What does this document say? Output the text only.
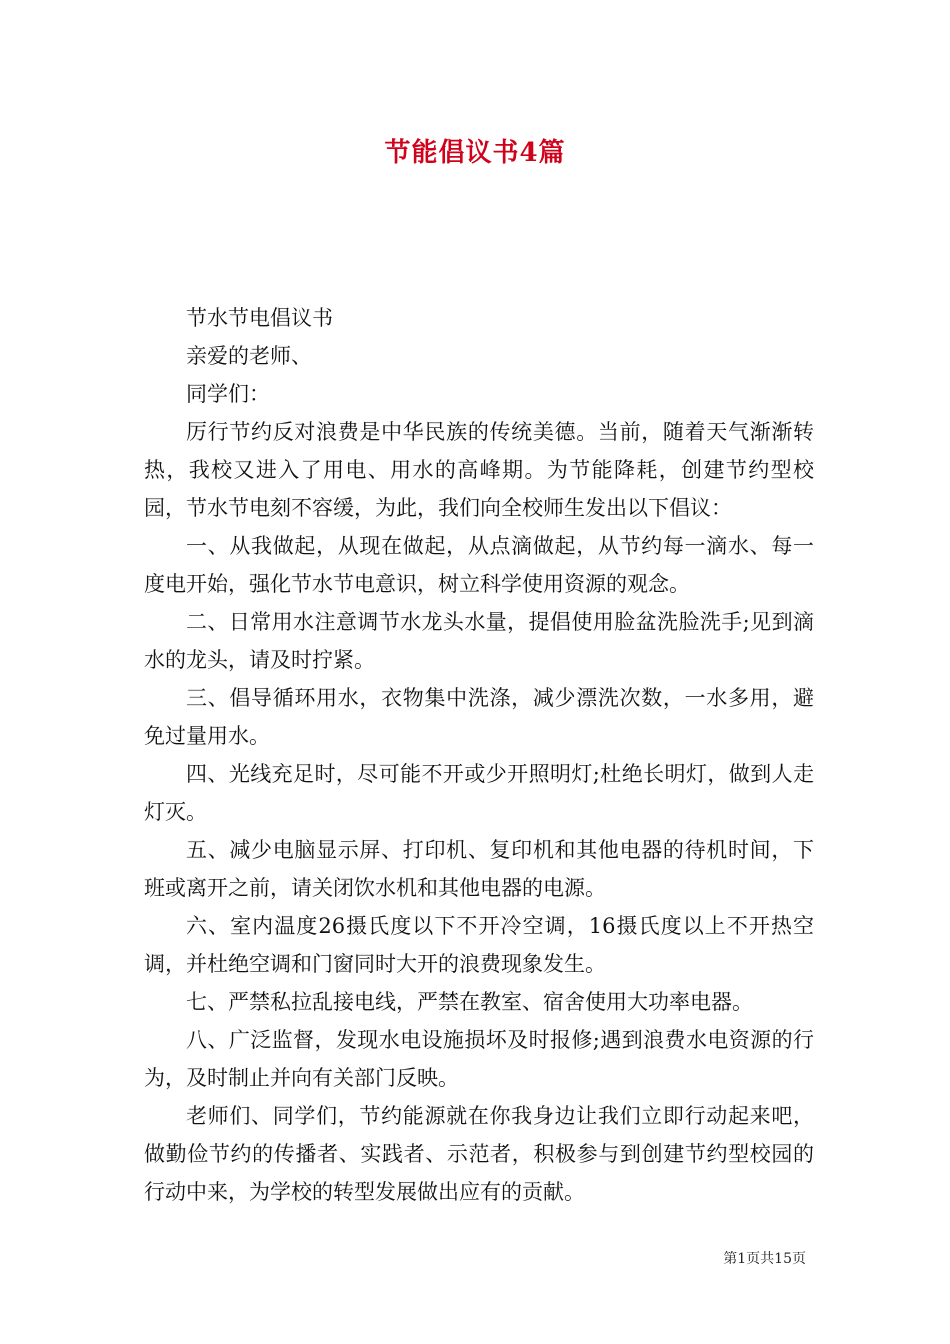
节能倡议书4篇

节水节电倡议书

亲爱的老师、

同学们：

厉行节约反对浪费是中华民族的传统美德。当前，随着天气渐渐转热，我校又进入了用电、用水的高峰期。为节能降耗，创建节约型校园，节水节电刻不容缓，为此，我们向全校师生发出以下倡议：

一、从我做起，从现在做起，从点滴做起，从节约每一滴水、每一度电开始，强化节水节电意识，树立科学使用资源的观念。

二、日常用水注意调节水龙头水量，提倡使用脸盆洗脸洗手;见到滴水的龙头，请及时拧紧。

三、倡导循环用水，衣物集中洗涤，减少漂洗次数，一水多用，避免过量用水。

四、光线充足时，尽可能不开或少开照明灯;杜绝长明灯，做到人走灯灭。

五、减少电脑显示屏、打印机、复印机和其他电器的待机时间，下班或离开之前，请关闭饮水机和其他电器的电源。

六、室内温度26摄氏度以下不开冷空调，16摄氏度以上不开热空调，并杜绝空调和门窗同时大开的浪费现象发生。

七、严禁私拉乱接电线，严禁在教室、宿舍使用大功率电器。

八、广泛监督，发现水电设施损坏及时报修;遇到浪费水电资源的行为，及时制止并向有关部门反映。

老师们、同学们，节约能源就在你我身边让我们立即行动起来吧，做勤俭节约的传播者、实践者、示范者，积极参与到创建节约型校园的行动中来，为学校的转型发展做出应有的贡献。

第1页共15页
